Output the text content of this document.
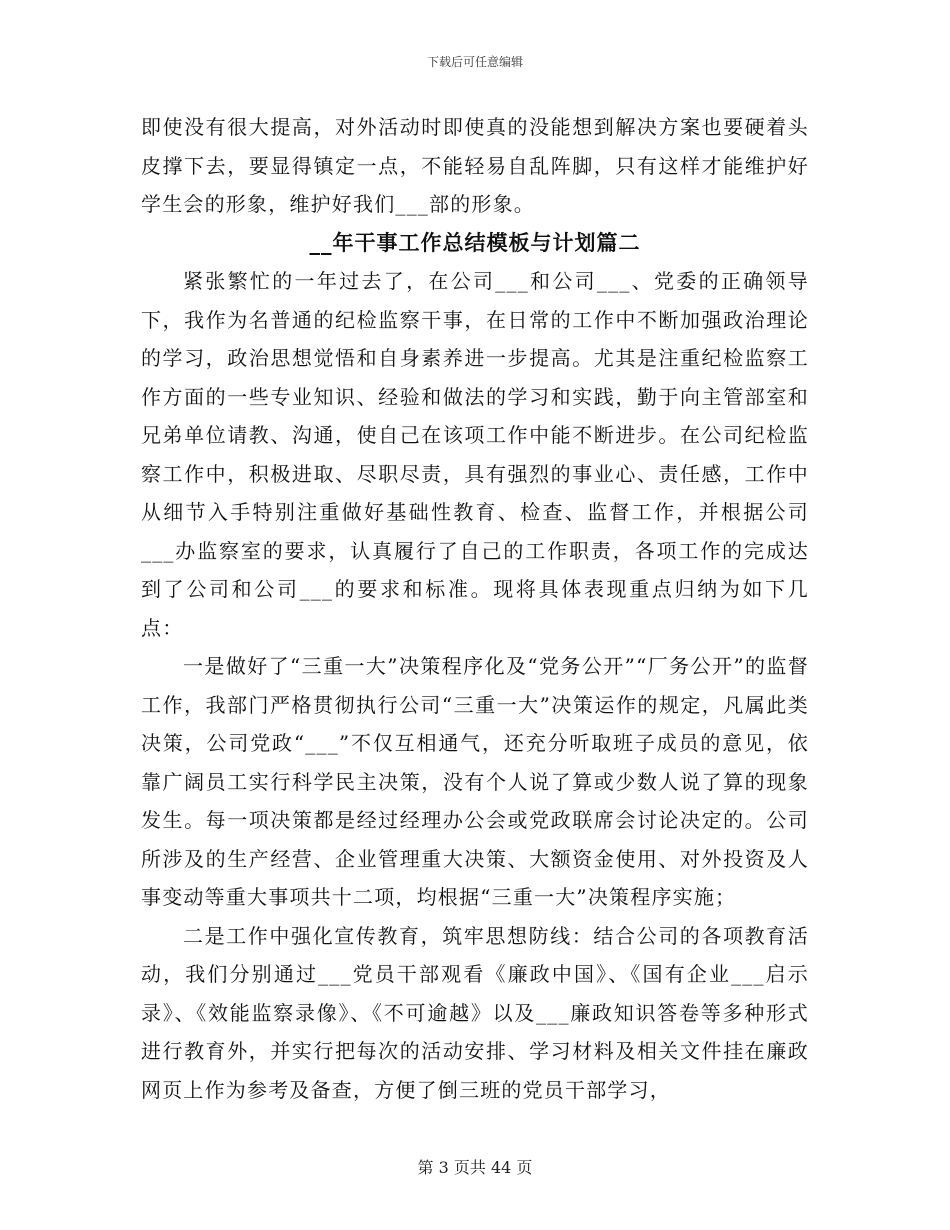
下载后可任意编辑

即使没有很大提高，对外活动时即使真的没能想到解决方案也要硬着头皮撑下去，要显得镇定一点，不能轻易自乱阵脚，只有这样才能维护好学生会的形象，维护好我们___部的形象。

__年干事工作总结模板与计划篇二

紧张繁忙的一年过去了，在公司___和公司___、党委的正确领导下，我作为名普通的纪检监察干事，在日常的工作中不断加强政治理论的学习，政治思想觉悟和自身素养进一步提高。尤其是注重纪检监察工作方面的一些专业知识、经验和做法的学习和实践，勤于向主管部室和兄弟单位请教、沟通，使自己在该项工作中能不断进步。在公司纪检监察工作中，积极进取、尽职尽责，具有强烈的事业心、责任感，工作中从细节入手特别注重做好基础性教育、检查、监督工作，并根据公司___办监察室的要求，认真履行了自己的工作职责，各项工作的完成达到了公司和公司___的要求和标准。现将具体表现重点归纳为如下几点：

一是做好了“三重一大”决策程序化及“党务公开”“厂务公开”的监督工作，我部门严格贯彻执行公司“三重一大”决策运作的规定，凡属此类决策，公司党政“___”不仅互相通气，还充分听取班子成员的意见，依靠广阔员工实行科学民主决策，没有个人说了算或少数人说了算的现象发生。每一项决策都是经过经理办公会或党政联席会讨论决定的。公司所涉及的生产经营、企业管理重大决策、大额资金使用、对外投资及人事变动等重大事项共十二项，均根据“三重一大”决策程序实施；

二是工作中强化宣传教育，筑牢思想防线：结合公司的各项教育活动，我们分别通过___党员干部观看《廉政中国》、《国有企业___启示录》、《效能监察录像》、《不可逾越》以及___廉政知识答卷等多种形式进行教育外，并实行把每次的活动安排、学习材料及相关文件挂在廉政网页上作为参考及备查，方便了倒三班的党员干部学习，

第 3 页共 44 页
